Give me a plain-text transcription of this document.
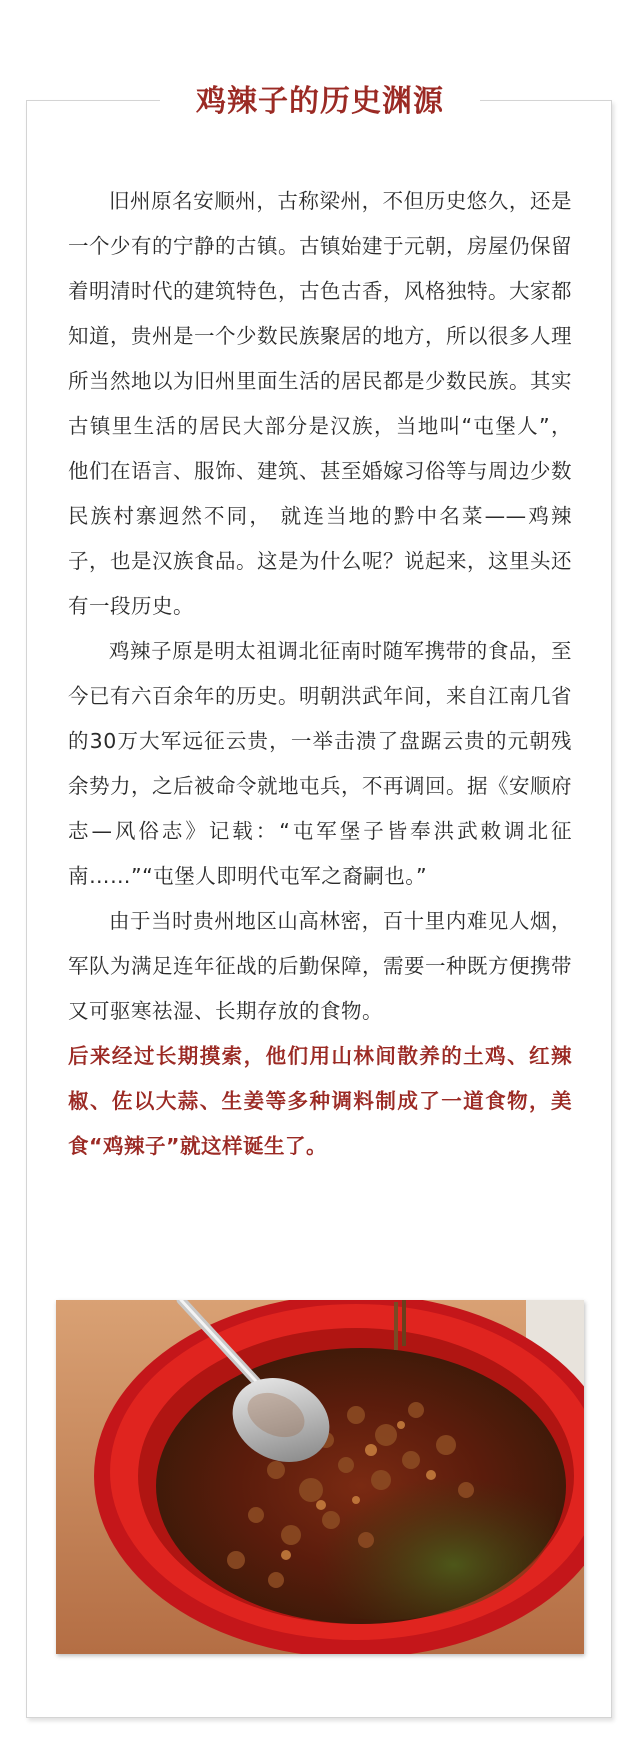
鸡辣子的历史渊源

旧州原名安顺州，古称梁州，不但历史悠久，还是一个少有的宁静的古镇。古镇始建于元朝，房屋仍保留着明清时代的建筑特色，古色古香，风格独特。大家都知道，贵州是一个少数民族聚居的地方，所以很多人理所当然地以为旧州里面生活的居民都是少数民族。其实古镇里生活的居民大部分是汉族，当地叫“屯堡人”，他们在语言、服饰、建筑、甚至婚嫁习俗等与周边少数民族村寨迥然不同， 就连当地的黔中名菜——鸡辣子，也是汉族食品。这是为什么呢？说起来，这里头还有一段历史。

鸡辣子原是明太祖调北征南时随军携带的食品，至今已有六百余年的历史。明朝洪武年间，来自江南几省的30万大军远征云贵，一举击溃了盘踞云贵的元朝残余势力，之后被命令就地屯兵，不再调回。据《安顺府志—风俗志》记载：“屯军堡子皆奉洪武敕调北征南……”“屯堡人即明代屯军之裔嗣也。”

由于当时贵州地区山高林密，百十里内难见人烟，军队为满足连年征战的后勤保障，需要一种既方便携带又可驱寒祛湿、长期存放的食物。

后来经过长期摸索，他们用山林间散养的土鸡、红辣椒、佐以大蒜、生姜等多种调料制成了一道食物，美食“鸡辣子”就这样诞生了。
